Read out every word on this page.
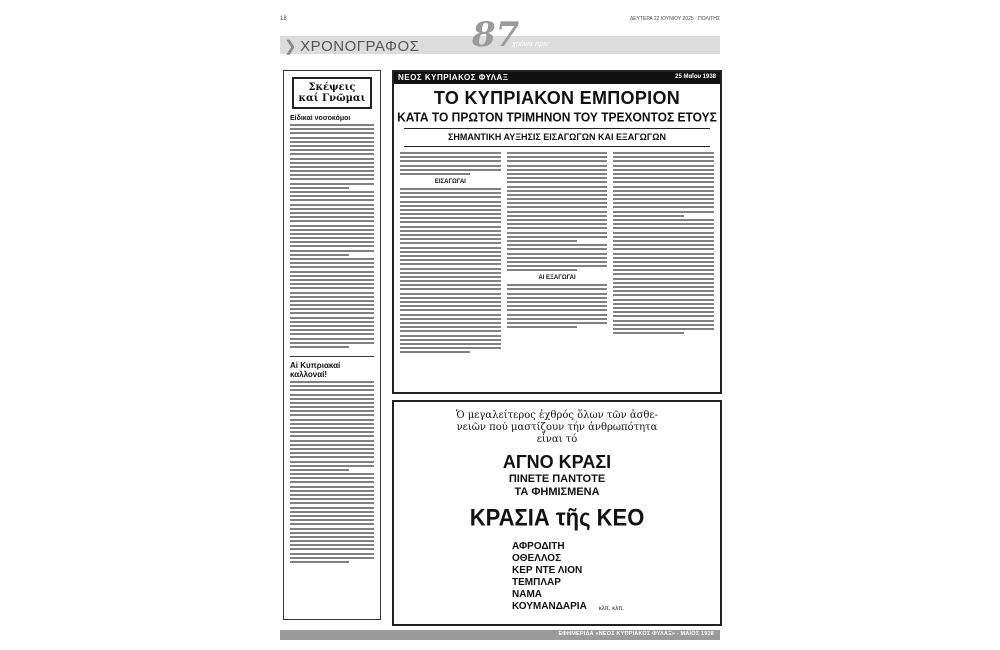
18	ΔΕΥΤΕΡΑ 22 ΙΟΥΝΙΟΥ 2025 · ΠΟΛΙΤΗΣ
❯ ΧΡΟΝΟΓΡΑΦΟΣ 87
χρόνια πριν
Σκέψεις
καί Γνῶμαι
Εἰδικαί νοσοκόμοι
Αἱ Κυπριακαί καλλοναί!
ΝΕΟΣ ΚΥΠΡΙΑΚΟΣ ΦΥΛΑΞ	25 Μαΐου 1938
ΤΟ ΚΥΠΡΙΑΚΟΝ ΕΜΠΟΡΙΟΝ
ΚΑΤΑ ΤΟ ΠΡΩΤΟΝ ΤΡΙΜΗΝΟΝ ΤΟΥ ΤΡΕΧΟΝΤΟΣ ΕΤΟΥΣ
ΣΗΜΑΝΤΙΚΗ ΑΥΞΗΣΙΣ ΕΙΣΑΓΩΓΩΝ ΚΑΙ ΕΞΑΓΩΓΩΝ
ΕΙΣΑΓΩΓΑΙ
ΑΙ ΕΞΑΓΩΓΑΙ
Ὁ μεγαλείτερος ἐχθρός ὅλων τῶν ἀσθε-
νειῶν πού μαστίζουν τήν ἀνθρωπότητα
εἶναι τό
ΑΓΝΟ ΚΡΑΣΙ
ΠΙΝΕΤΕ ΠΑΝΤΟΤΕ
ΤΑ ΦΗΜΙΣΜΕΝΑ
ΚΡΑΣΙΑ τῆς ΚΕΟ
ΑΦΡΟΔΙΤΗ
ΟΘΕΛΛΟΣ
ΚΕΡ ΝΤΕ ΛΙΟΝ
ΤΕΜΠΛΑΡ
ΝΑΜΑ
ΚΟΥΜΑΝΔΑΡΙΑ	κλπ. κλπ.
ΕΦΗΜΕΡΙΔΑ «ΝΕΟΣ ΚΥΠΡΙΑΚΟΣ ΦΥΛΑΞ» - ΜΑΪΟΣ 1938
